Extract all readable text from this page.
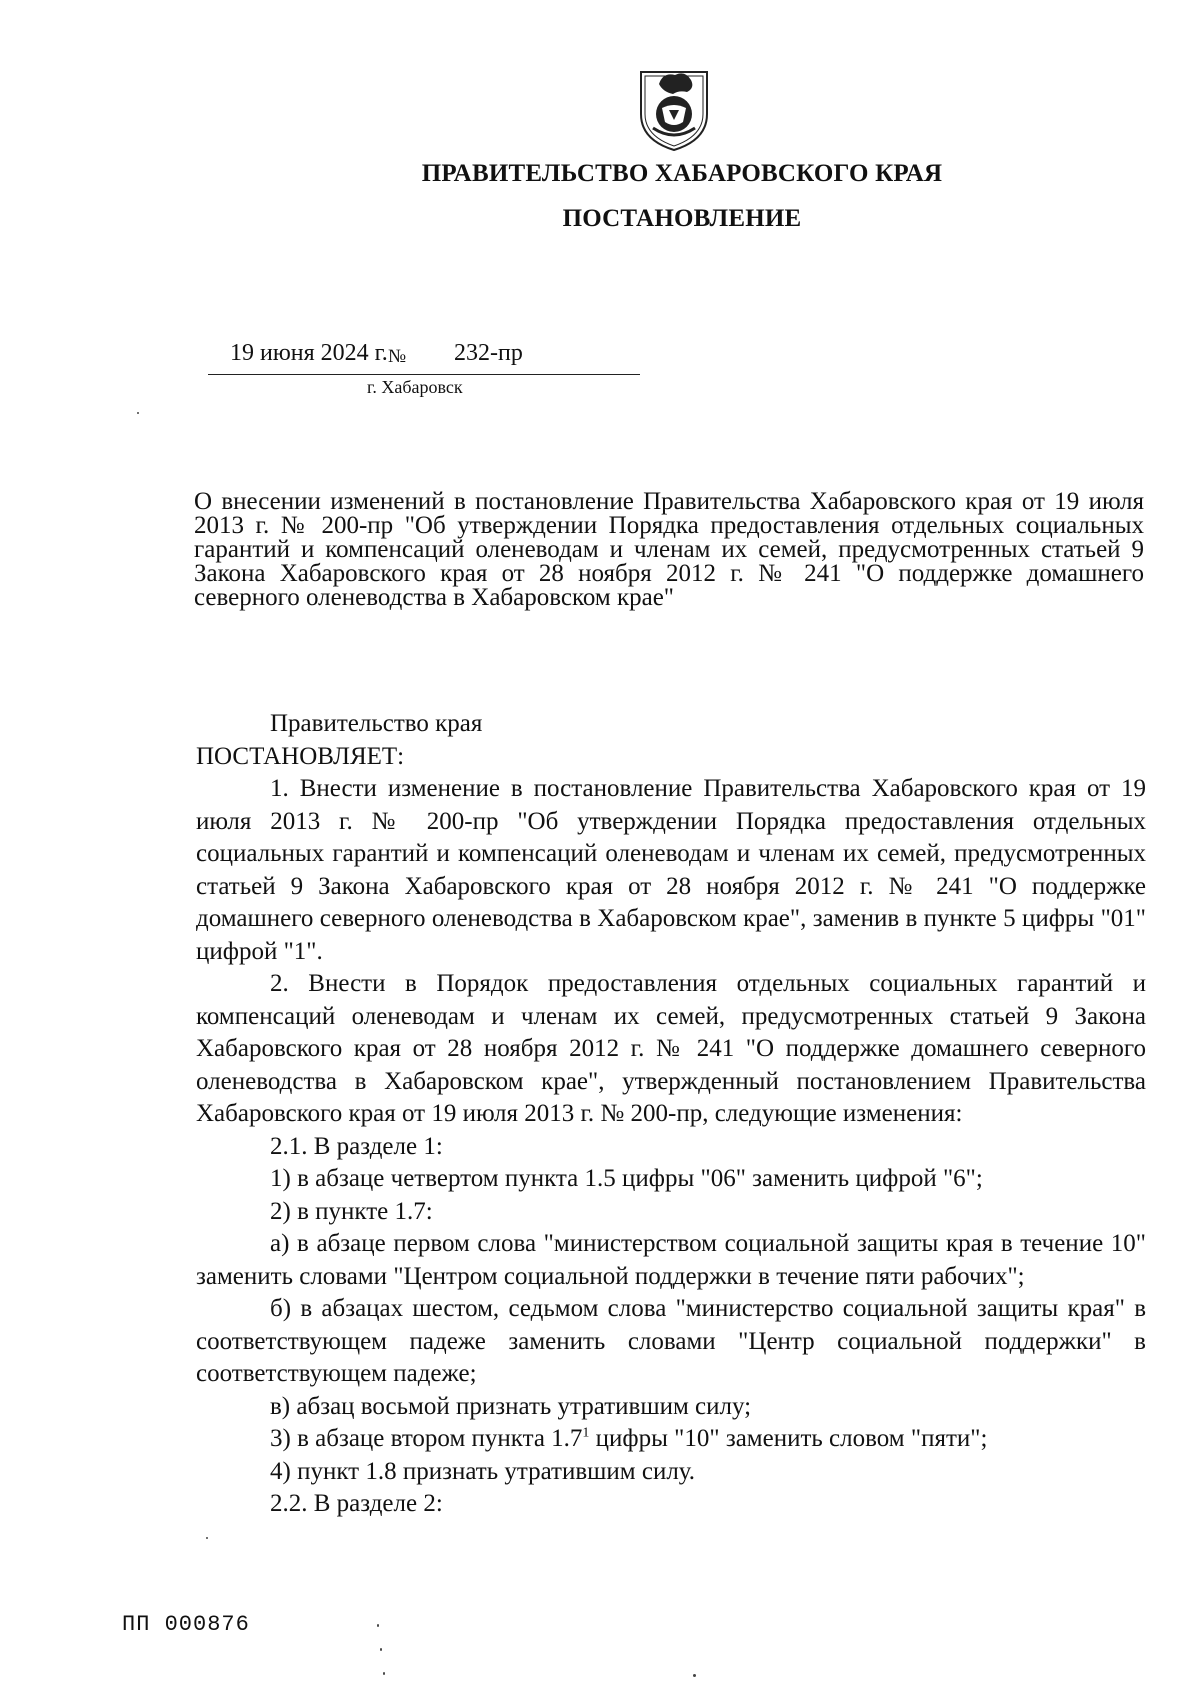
ПРАВИТЕЛЬСТВО ХАБАРОВСКОГО КРАЯ
ПОСТАНОВЛЕНИЕ
19 июня 2024 г. № 232-пр
г. Хабаровск
О внесении изменений в постановление Правительства Хабаровского края от 19 июля 2013 г. № 200-пр "Об утверждении Порядка предоставления отдельных социальных гарантий и компенсаций оленеводам и членам их семей, предусмотренных статьей 9 Закона Хабаровского края от 28 ноября 2012 г. № 241 "О поддержке домашнего северного оленеводства в Хабаровском крае"

Правительство края

ПОСТАНОВЛЯЕТ:

1. Внести изменение в постановление Правительства Хабаровского края от 19 июля 2013 г. № 200-пр "Об утверждении Порядка предоставления отдельных социальных гарантий и компенсаций оленеводам и членам их семей, предусмотренных статьей 9 Закона Хабаровского края от 28 ноября 2012 г. № 241 "О поддержке домашнего северного оленеводства в Хабаровском крае", заменив в пункте 5 цифры "01" цифрой "1".

2. Внести в Порядок предоставления отдельных социальных гарантий и компенсаций оленеводам и членам их семей, предусмотренных статьей 9 Закона Хабаровского края от 28 ноября 2012 г. № 241 "О поддержке домашнего северного оленеводства в Хабаровском крае", утвержденный постановлением Правительства Хабаровского края от 19 июля 2013 г. № 200-пр, следующие изменения:

2.1. В разделе 1:

1) в абзаце четвертом пункта 1.5 цифры "06" заменить цифрой "6";

2) в пункте 1.7:

а) в абзаце первом слова "министерством социальной защиты края в течение 10" заменить словами "Центром социальной поддержки в течение пяти рабочих";

б) в абзацах шестом, седьмом слова "министерство социальной защиты края" в соответствующем падеже заменить словами "Центр социальной поддержки" в соответствующем падеже;

в) абзац восьмой признать утратившим силу;

3) в абзаце втором пункта $1.7^1$ цифры "10" заменить словом "пяти";

4) пункт 1.8 признать утратившим силу.

2.2. В разделе 2:

ПП 000876
